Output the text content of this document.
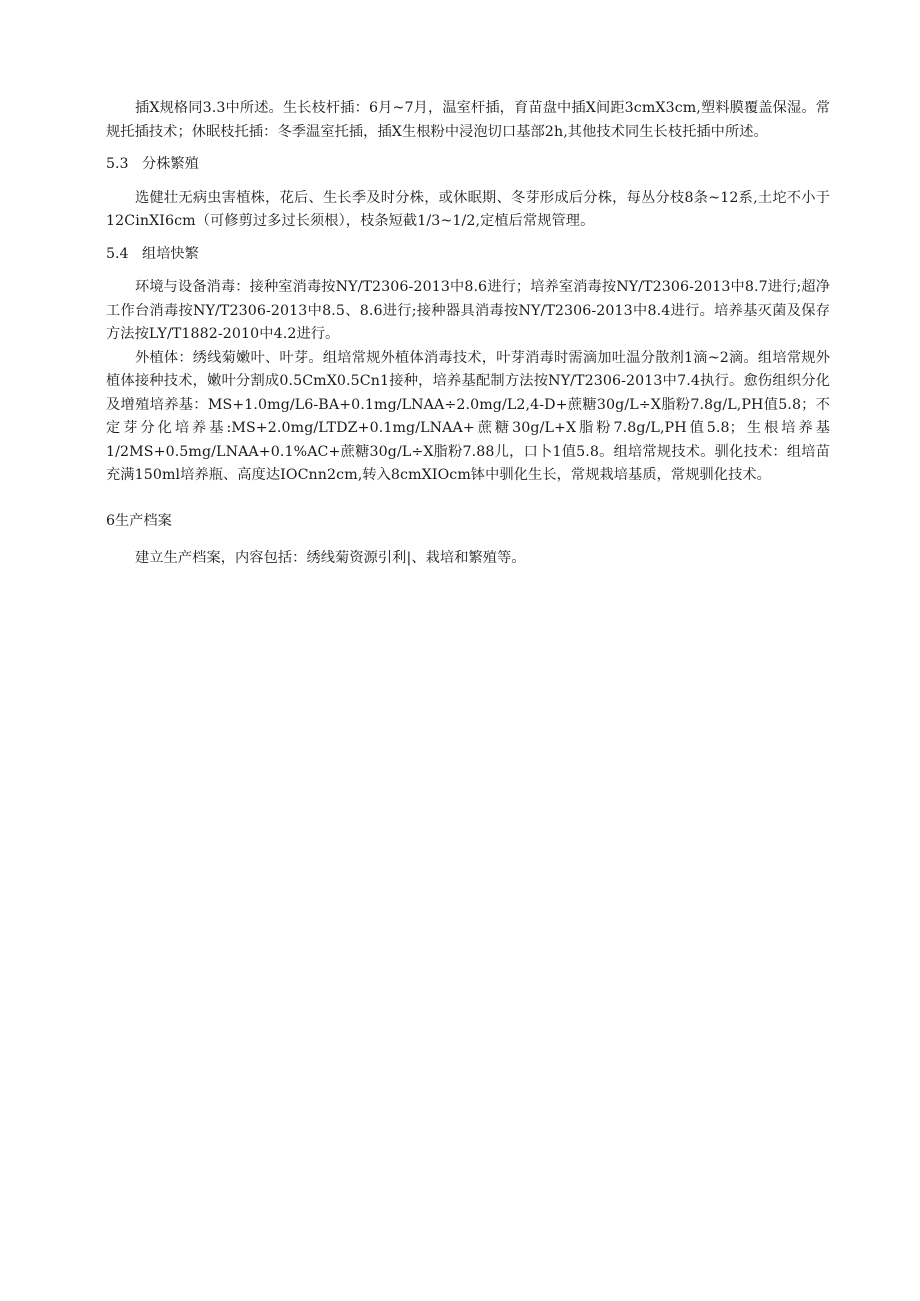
插X规格同3.3中所述。生长枝杆插：6月~7月，温室杆插，育苗盘中插X间距3cmX3cm,塑料膜覆盖保湿。常规托插技术；休眠枝托插：冬季温室托插，插X生根粉中浸泡切口基部2h,其他技术同生长枝托插中所述。

5.3 分株繁殖

选健壮无病虫害植株，花后、生长季及时分株，或休眠期、冬芽形成后分株，每丛分枝8条~12系,土坨不小于12CinXI6cm（可修剪过多过长须根），枝条短截1/3~1/2,定植后常规管理。

5.4 组培快繁

环境与设备消毒：接种室消毒按NY/T2306-2013中8.6进行；培养室消毒按NY/T2306-2013中8.7进行;超净工作台消毒按NY/T2306-2013中8.5、8.6进行;接种器具消毒按NY/T2306-2013中8.4进行。培养基灭菌及保存方法按LY/T1882-2010中4.2进行。

外植体：绣线菊嫩叶、叶芽。组培常规外植体消毒技术，叶芽消毒时需滴加吐温分散剂1滴~2滴。组培常规外植体接种技术，嫩叶分割成0.5CmX0.5Cn1接种，培养基配制方法按NY/T2306-2013中7.4执行。愈伤组织分化及增殖培养基：MS+1.0mg/L6-BA+0.1mg/LNAA÷2.0mg/L2,4-D+蔗糖30g/L÷X脂粉7.8g/L,PH值5.8；不定芽分化培养基:MS+2.0mg/LTDZ+0.1mg/LNAA+蔗糖30g/L+X脂粉7.8g/L,PH值5.8；生根培养基1/2MS+0.5mg/LNAA+0.1%AC+蔗糖30g/L÷X脂粉7.88儿，口卜1值5.8。组培常规技术。驯化技术：组培苗充满150ml培养瓶、高度达IOCnn2cm,转入8cmXIOcm钵中驯化生长，常规栽培基质，常规驯化技术。

6生产档案

建立生产档案，内容包括：绣线菊资源引利|、栽培和繁殖等。
